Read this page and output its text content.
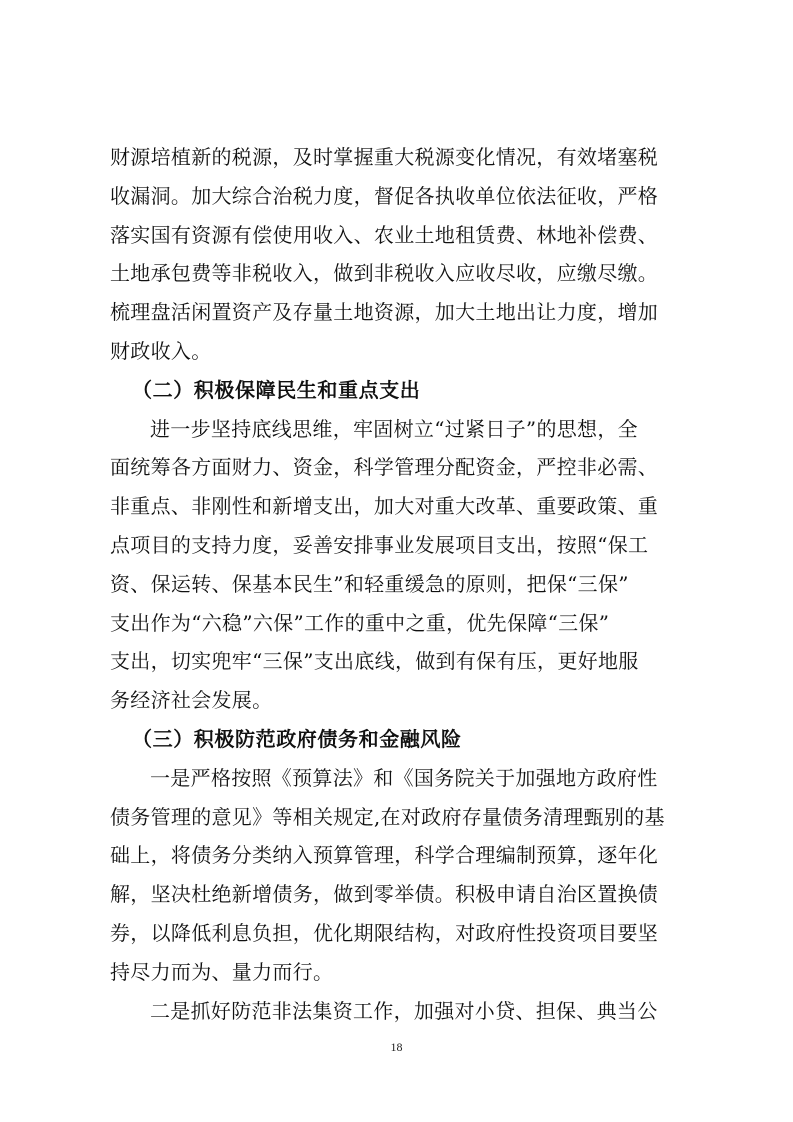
财源培植新的税源，及时掌握重大税源变化情况，有效堵塞税
收漏洞。加大综合治税力度，督促各执收单位依法征收，严格
落实国有资源有偿使用收入、农业土地租赁费、林地补偿费、
土地承包费等非税收入，做到非税收入应收尽收，应缴尽缴。
梳理盘活闲置资产及存量土地资源，加大土地出让力度，增加
财政收入。
（二）积极保障民生和重点支出
进一步坚持底线思维，牢固树立“过紧日子”的思想，全
面统筹各方面财力、资金，科学管理分配资金，严控非必需、
非重点、非刚性和新增支出，加大对重大改革、重要政策、重
点项目的支持力度，妥善安排事业发展项目支出，按照“保工
资、保运转、保基本民生”和轻重缓急的原则，把保“三保”
支出作为“六稳”六保”工作的重中之重，优先保障“三保”
支出，切实兜牢“三保”支出底线，做到有保有压，更好地服
务经济社会发展。
（三）积极防范政府债务和金融风险
一是严格按照《预算法》和《国务院关于加强地方政府性
债务管理的意见》等相关规定,在对政府存量债务清理甄别的基
础上，将债务分类纳入预算管理，科学合理编制预算，逐年化
解，坚决杜绝新增债务，做到零举债。积极申请自治区置换债
券，以降低利息负担，优化期限结构，对政府性投资项目要坚
持尽力而为、量力而行。
二是抓好防范非法集资工作，加强对小贷、担保、典当公
18
